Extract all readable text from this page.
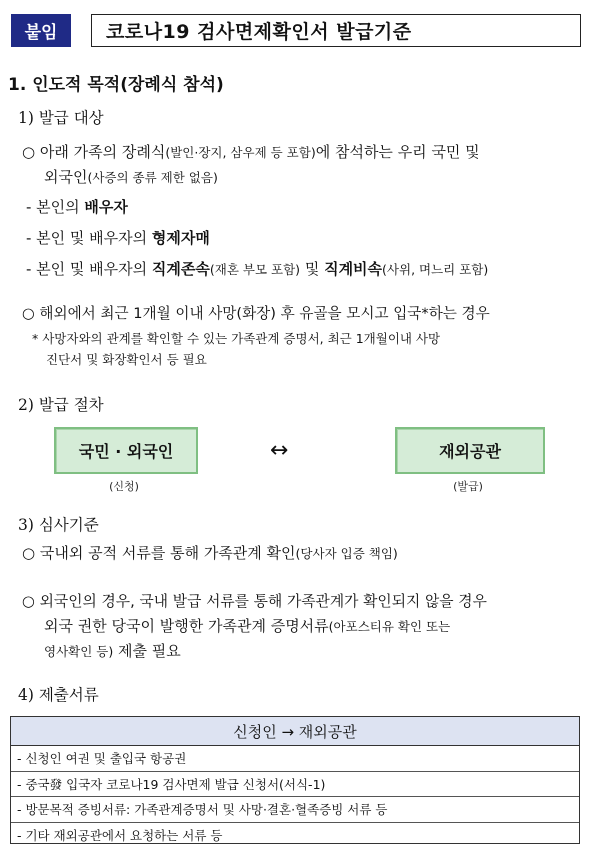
붙임	코로나19 검사면제확인서 발급기준
1. 인도적 목적(장례식 참석)
1) 발급 대상
○ 아래 가족의 장례식(발인·장지, 삼우제 등 포함)에 참석하는 우리 국민 및
외국인(사증의 종류 제한 없음)
- 본인의 배우자
- 본인 및 배우자의 형제자매
- 본인 및 배우자의 직계존속(재혼 부모 포함) 및 직계비속(사위, 며느리 포함)
○ 해외에서 최근 1개월 이내 사망(화장) 후 유골을 모시고 입국*하는 경우
* 사망자와의 관계를 확인할 수 있는 가족관계 증명서, 최근 1개월이내 사망
진단서 및 화장확인서 등 필요
2) 발급 절차
국민 · 외국인
(신청)
↔	재외공관
(발급)
3) 심사기준
○ 국내외 공적 서류를 통해 가족관계 확인(당사자 입증 책임)
○ 외국인의 경우, 국내 발급 서류를 통해 가족관계가 확인되지 않을 경우
외국 권한 당국이 발행한 가족관계 증명서류(아포스티유 확인 또는
영사확인 등) 제출 필요
4) 제출서류
신청인 → 재외공관
- 신청인 여권 및 출입국 항공권
- 중국發 입국자 코로나19 검사면제 발급 신청서(서식-1)
- 방문목적 증빙서류: 가족관계증명서 및 사망·결혼·혈족증빙 서류 등
- 기타 재외공관에서 요청하는 서류 등
